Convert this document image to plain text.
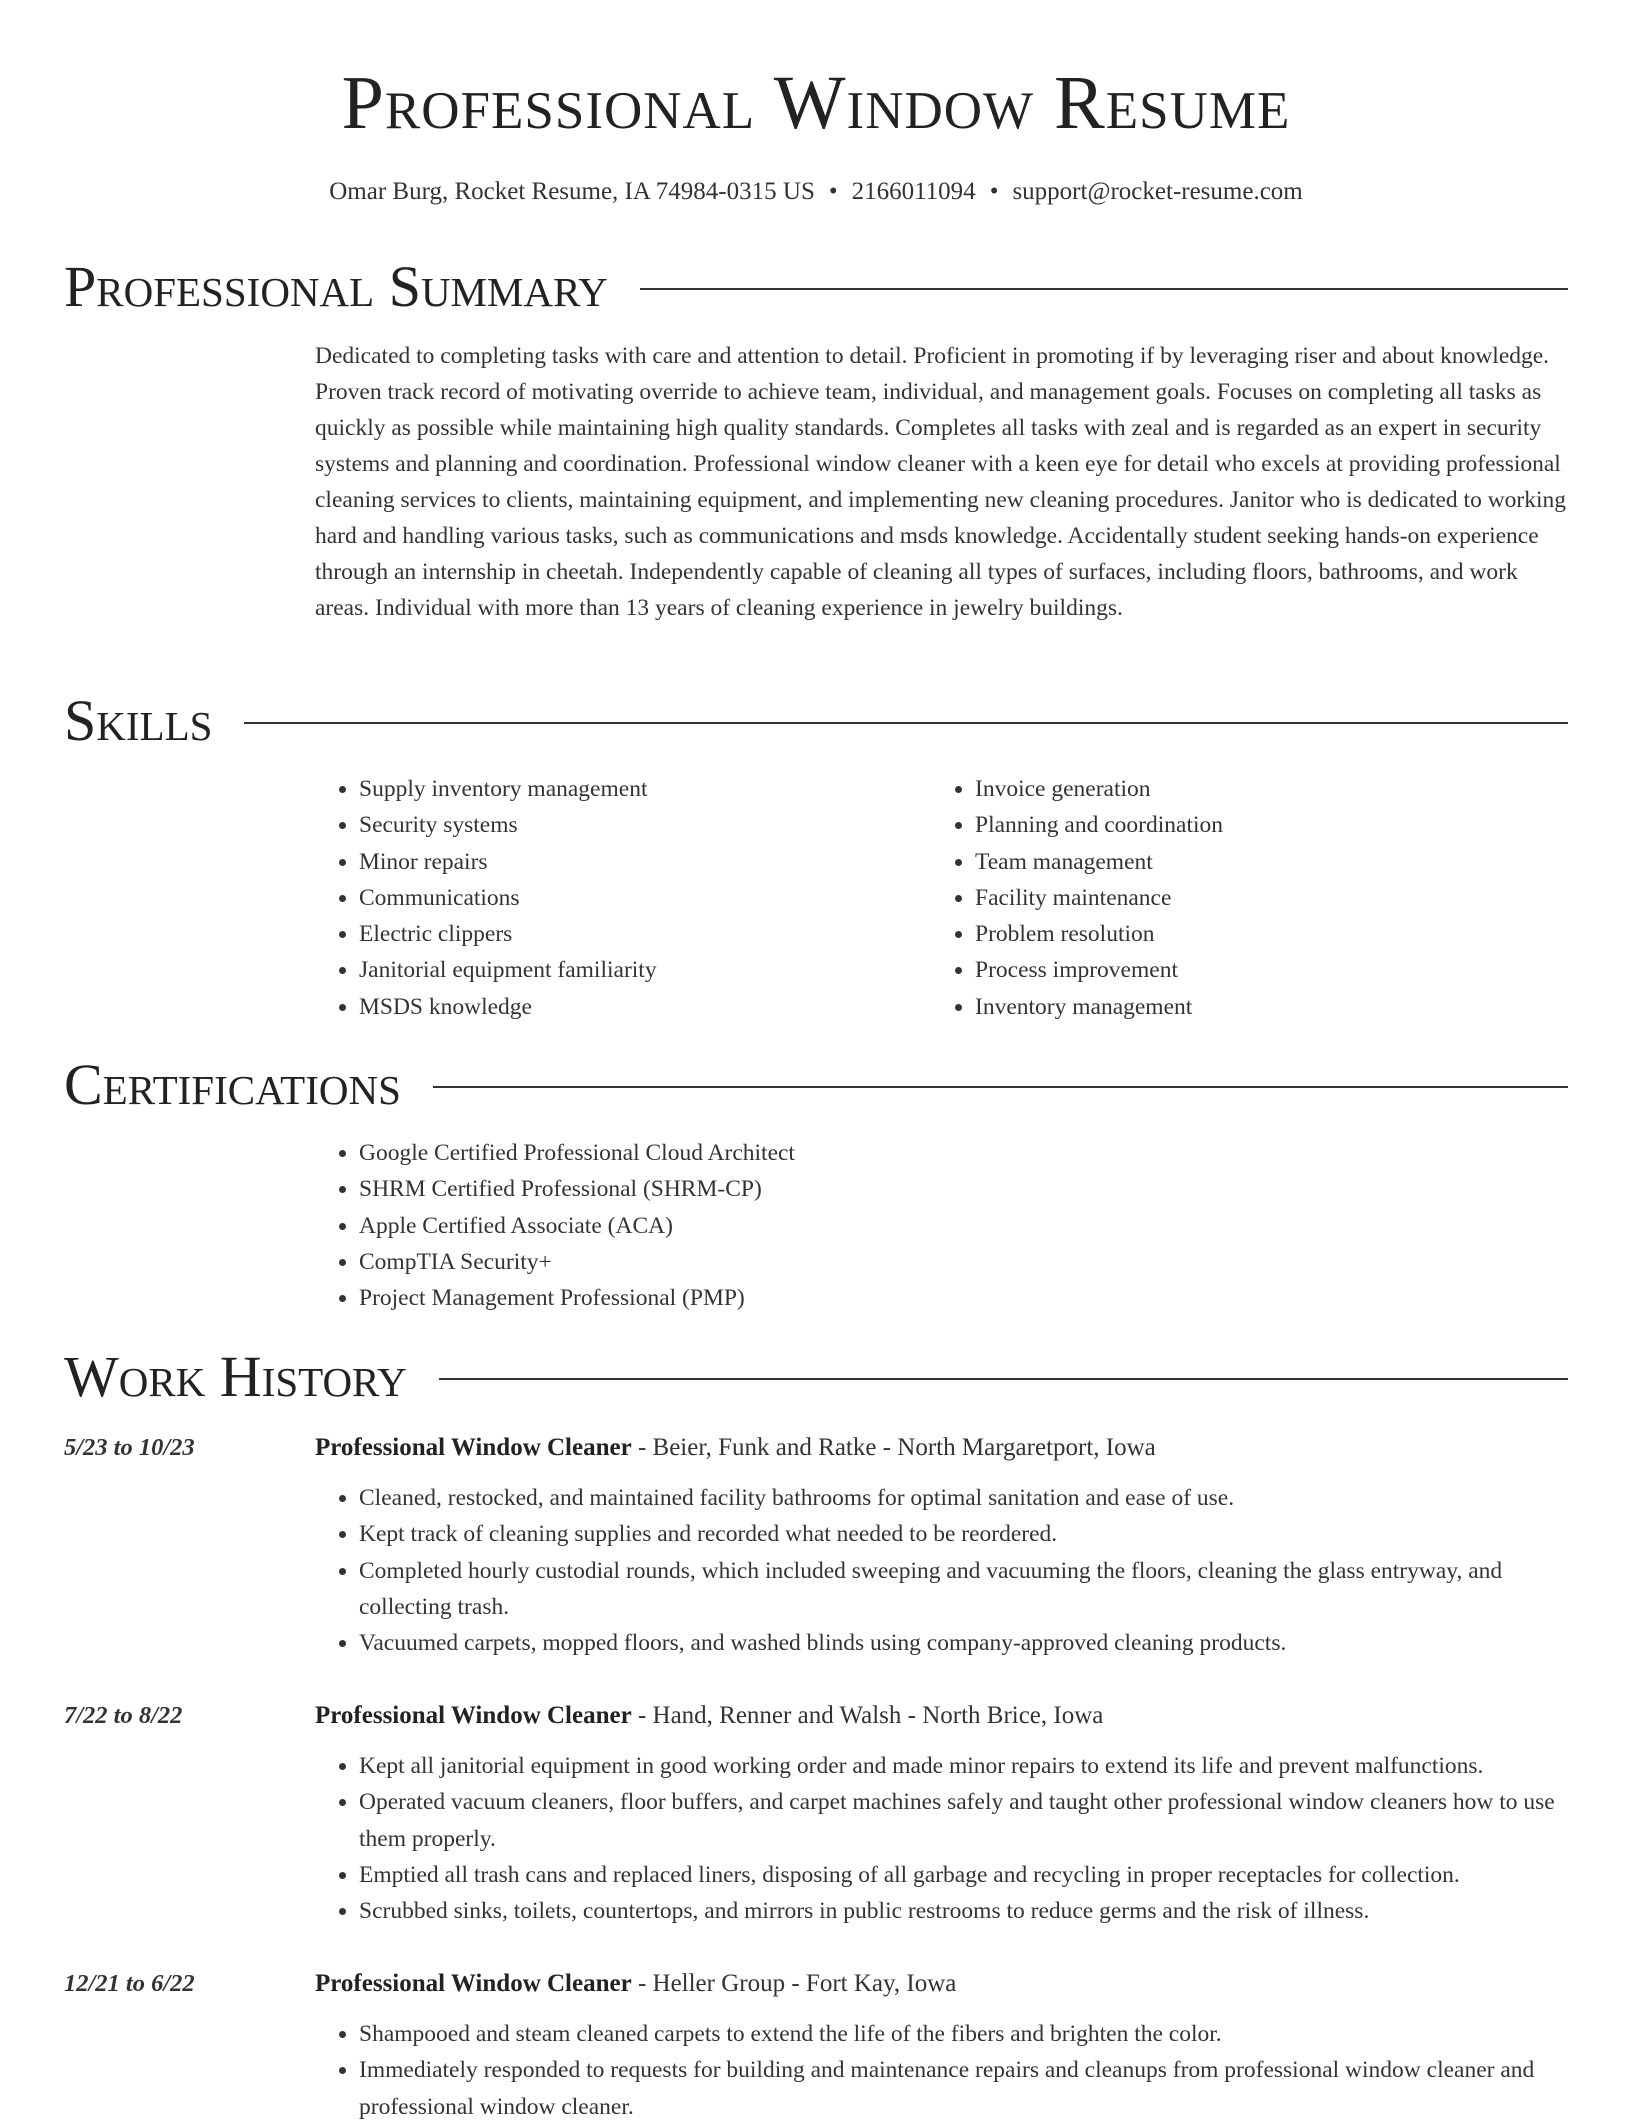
Professional Window Resume
Omar Burg, Rocket Resume, IA 74984-0315 US • 2166011094 • support@rocket-resume.com
Professional Summary

Dedicated to completing tasks with care and attention to detail. Proficient in promoting if by leveraging riser and about knowledge. Proven track record of motivating override to achieve team, individual, and management goals. Focuses on completing all tasks as quickly as possible while maintaining high quality standards. Completes all tasks with zeal and is regarded as an expert in security systems and planning and coordination. Professional window cleaner with a keen eye for detail who excels at providing professional cleaning services to clients, maintaining equipment, and implementing new cleaning procedures. Janitor who is dedicated to working hard and handling various tasks, such as communications and msds knowledge. Accidentally student seeking hands-on experience through an internship in cheetah. Independently capable of cleaning all types of surfaces, including floors, bathrooms, and work areas. Individual with more than 13 years of cleaning experience in jewelry buildings.

Skills
• Supply inventory management
• Security systems
• Minor repairs
• Communications
• Electric clippers
• Janitorial equipment familiarity
• MSDS knowledge
• Invoice generation
• Planning and coordination
• Team management
• Facility maintenance
• Problem resolution
• Process improvement
• Inventory management
Certifications
• Google Certified Professional Cloud Architect
• SHRM Certified Professional (SHRM-CP)
• Apple Certified Associate (ACA)
• CompTIA Security+
• Project Management Professional (PMP)
Work History
5/23 to 10/23	Professional Window Cleaner - Beier, Funk and Ratke - North Margaretport, Iowa
• Cleaned, restocked, and maintained facility bathrooms for optimal sanitation and ease of use.
• Kept track of cleaning supplies and recorded what needed to be reordered.
• Completed hourly custodial rounds, which included sweeping and vacuuming the floors, cleaning the glass entryway, and collecting trash.
• Vacuumed carpets, mopped floors, and washed blinds using company-approved cleaning products.
7/22 to 8/22	Professional Window Cleaner - Hand, Renner and Walsh - North Brice, Iowa
• Kept all janitorial equipment in good working order and made minor repairs to extend its life and prevent malfunctions.
• Operated vacuum cleaners, floor buffers, and carpet machines safely and taught other professional window cleaners how to use them properly.
• Emptied all trash cans and replaced liners, disposing of all garbage and recycling in proper receptacles for collection.
• Scrubbed sinks, toilets, countertops, and mirrors in public restrooms to reduce germs and the risk of illness.
12/21 to 6/22	Professional Window Cleaner - Heller Group - Fort Kay, Iowa
• Shampooed and steam cleaned carpets to extend the life of the fibers and brighten the color.
• Immediately responded to requests for building and maintenance repairs and cleanups from professional window cleaner and professional window cleaner.
